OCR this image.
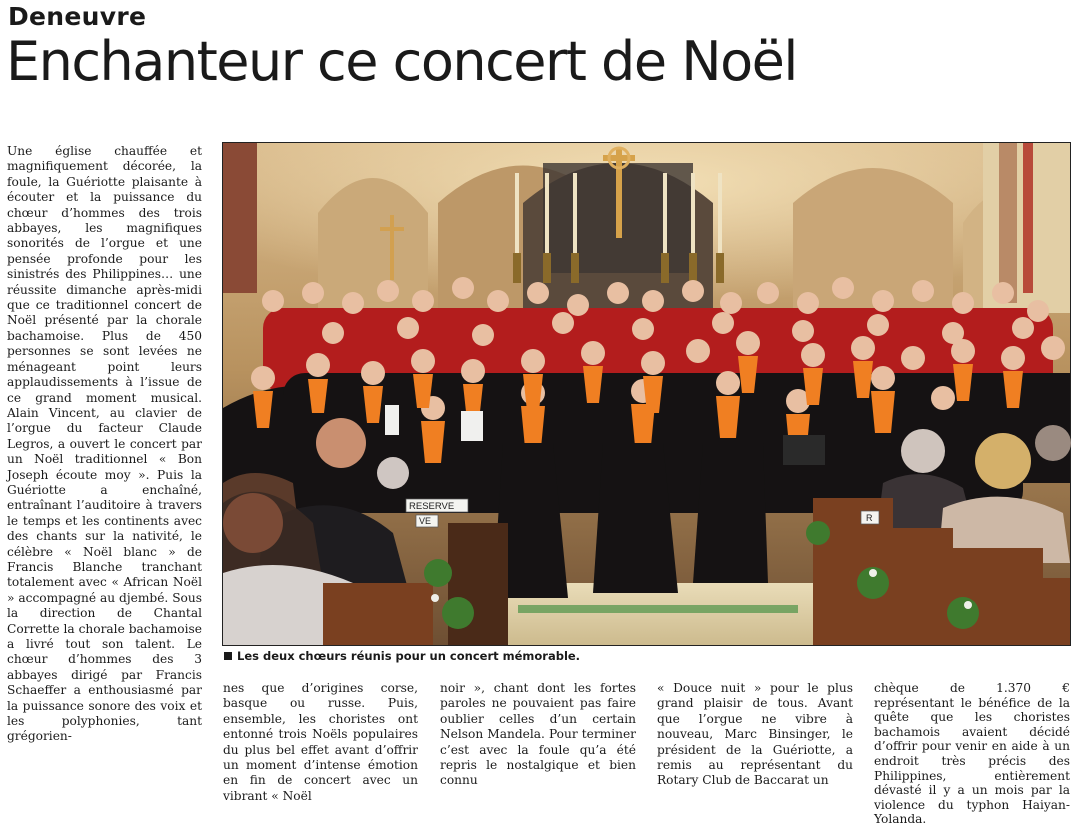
Deneuvre
Enchanteur ce concert de Noël

Une église chauffée et magnifiquement décorée, la foule, la Guériotte plaisante à écouter et la puissance du chœur d’hommes des trois abbayes, les magnifiques sonorités de l’orgue et une pensée profonde pour les sinistrés des Philippines… une réussite dimanche après-midi que ce traditionnel concert de Noël présenté par la chorale bachamoise. Plus de 450 personnes se sont levées ne ménageant point leurs applaudissements à l’issue de ce grand moment musical. Alain Vincent, au clavier de l’orgue du facteur Claude Legros, a ouvert le concert par un Noël traditionnel « Bon Joseph écoute moy ». Puis la Guériotte a enchaîné, entraînant l’auditoire à travers le temps et les continents avec des chants sur la nativité, le célèbre « Noël blanc » de Francis Blanche tranchant totalement avec « African Noël » accompagné au djembé. Sous la direction de Chantal Corrette la chorale bachamoise a livré tout son talent. Le chœur d’hommes des 3 abbayes dirigé par Francis Schaeffer a enthousiasmé par la puissance sonore des voix et les polyphonies, tant grégorien-

RESERVE
VE	R
Les deux chœurs réunis pour un concert mémorable.

nes que d’origines corse, basque ou russe. Puis, ensemble, les choristes ont entonné trois Noëls populaires du plus bel effet avant d’offrir un moment d’intense émotion en fin de concert avec un vibrant « Noël

noir », chant dont les fortes paroles ne pouvaient pas faire oublier celles d’un certain Nelson Mandela. Pour terminer c’est avec la foule qu’a été repris le nostalgique et bien connu

« Douce nuit » pour le plus grand plaisir de tous. Avant que l’orgue ne vibre à nouveau, Marc Binsinger, le président de la Guériotte, a remis au représentant du Rotary Club de Baccarat un

chèque de 1.370 € représentant le bénéfice de la quête que les choristes bachamois avaient décidé d’offrir pour venir en aide à un endroit très précis des Philippines, entièrement dévasté il y a un mois par la violence du typhon Haiyan-Yolanda.
